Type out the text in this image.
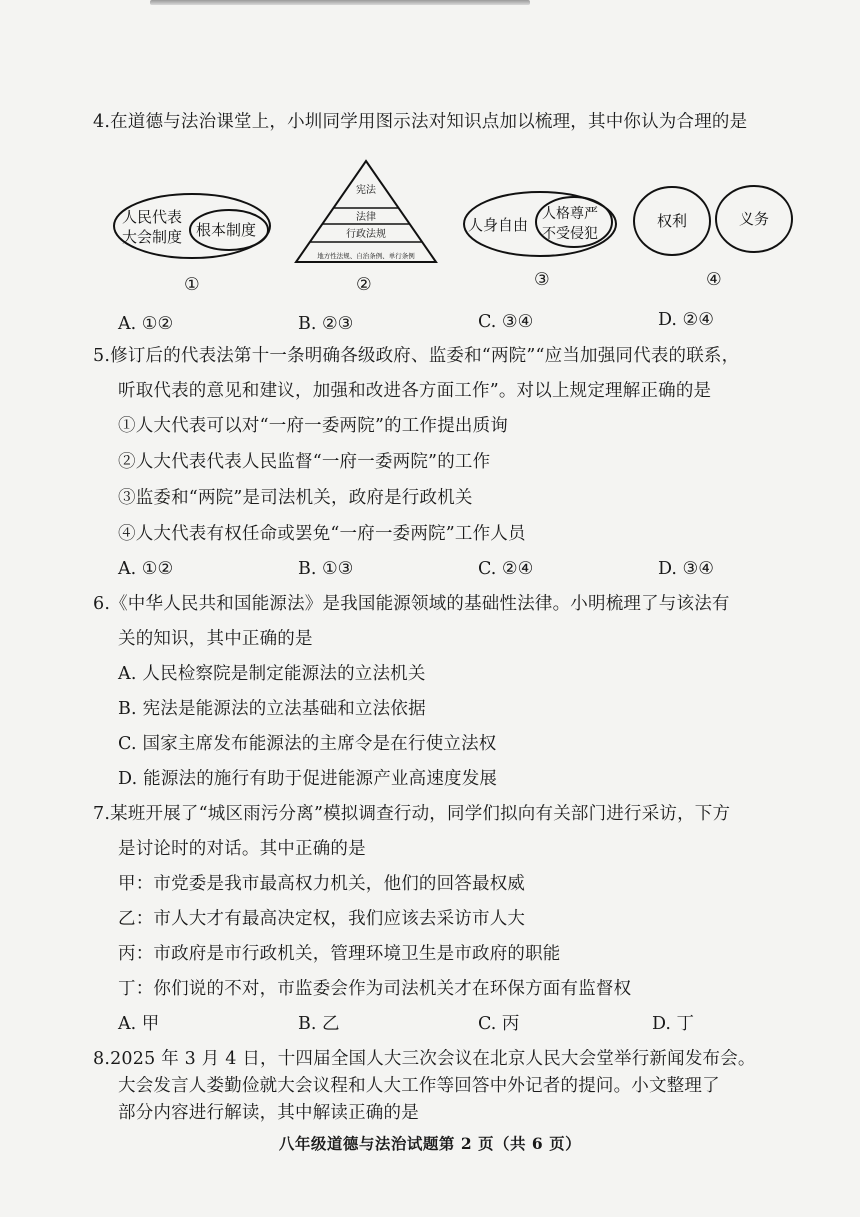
4.在道德与法治课堂上，小圳同学用图示法对知识点加以梳理，其中你认为合理的是
人民代表
大会制度 根本制度
①
宪法
法律
行政法规
地方性法规、自治条例、单行条例
②
人身自由
人格尊严
不受侵犯
③
权利	义务
④
A. ①②	B. ②③	C. ③④	D. ②④
5.修订后的代表法第十一条明确各级政府、监委和“两院”“应当加强同代表的联系，
听取代表的意见和建议，加强和改进各方面工作”。对以上规定理解正确的是
①人大代表可以对“一府一委两院”的工作提出质询
②人大代表代表人民监督“一府一委两院”的工作
③监委和“两院”是司法机关，政府是行政机关
④人大代表有权任命或罢免“一府一委两院”工作人员
A. ①②	B. ①③	C. ②④	D. ③④
6.《中华人民共和国能源法》是我国能源领域的基础性法律。小明梳理了与该法有
关的知识，其中正确的是
A. 人民检察院是制定能源法的立法机关
B. 宪法是能源法的立法基础和立法依据
C. 国家主席发布能源法的主席令是在行使立法权
D. 能源法的施行有助于促进能源产业高速度发展
7.某班开展了“城区雨污分离”模拟调查行动，同学们拟向有关部门进行采访，下方
是讨论时的对话。其中正确的是
甲：市党委是我市最高权力机关，他们的回答最权威
乙：市人大才有最高决定权，我们应该去采访市人大
丙：市政府是市行政机关，管理环境卫生是市政府的职能
丁：你们说的不对，市监委会作为司法机关才在环保方面有监督权
A. 甲	B. 乙	C. 丙	D. 丁
8.2025 年 3 月 4 日，十四届全国人大三次会议在北京人民大会堂举行新闻发布会。
大会发言人娄勤俭就大会议程和人大工作等回答中外记者的提问。小文整理了
部分内容进行解读，其中解读正确的是
八年级道德与法治试题第 2 页（共 6 页）
